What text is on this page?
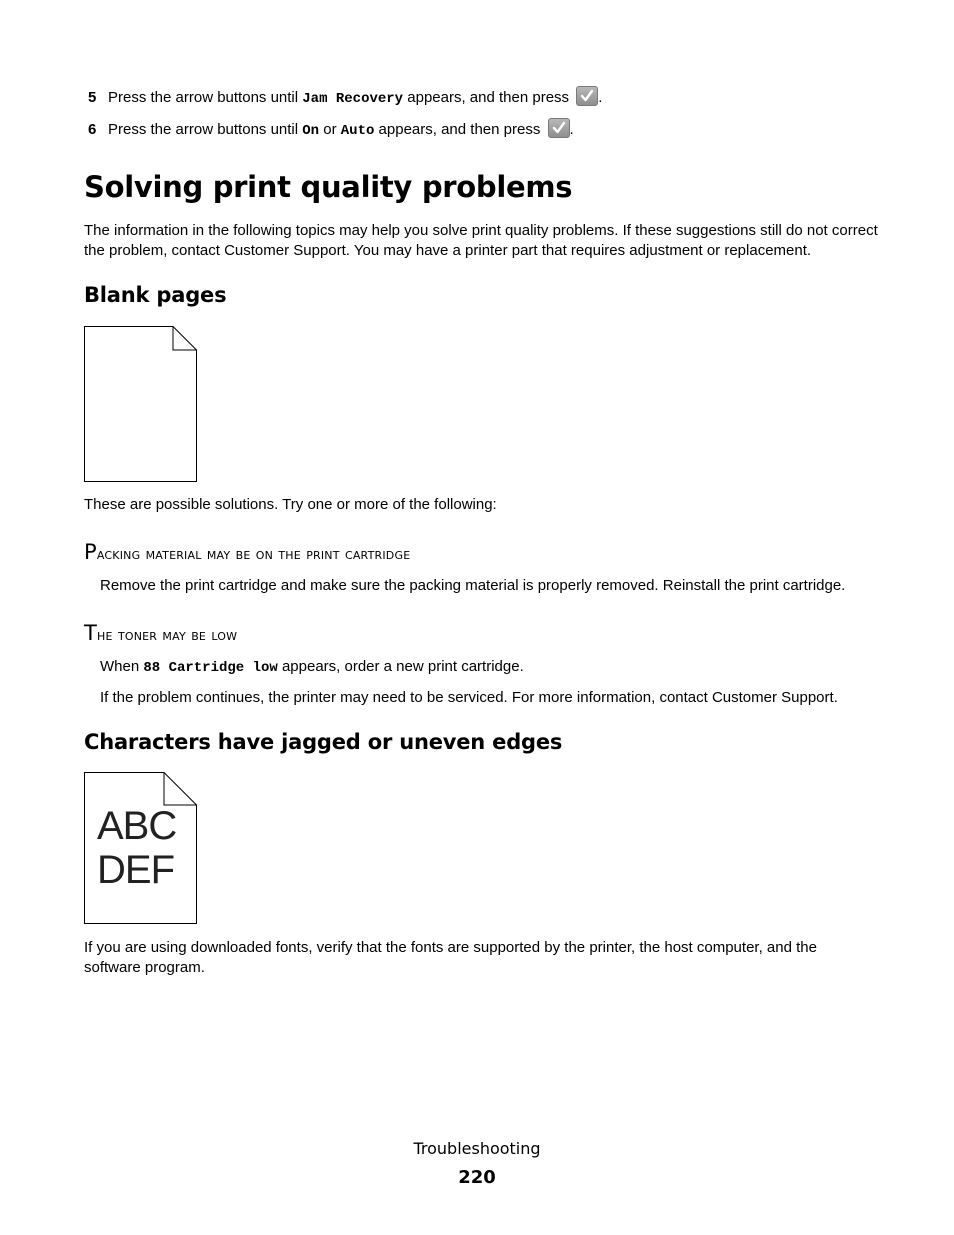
5 Press the arrow buttons until Jam Recovery appears, and then press
.
6 Press the arrow buttons until On or Auto appears, and then press
.
Solving print quality problems
The information in the following topics may help you solve print quality problems. If these suggestions still do not correct the problem, contact Customer Support. You may have a printer part that requires adjustment or replacement.
Blank pages
These are possible solutions. Try one or more of the following:
Packing material may be on the print cartridge
Remove the print cartridge and make sure the packing material is properly removed. Reinstall the print cartridge.
The toner may be low
When 88 Cartridge low appears, order a new print cartridge.
If the problem continues, the printer may need to be serviced. For more information, contact Customer Support.
Characters have jagged or uneven edges
ABC
DEF
If you are using downloaded fonts, verify that the fonts are supported by the printer, the host computer, and the software program.
Troubleshooting
220
